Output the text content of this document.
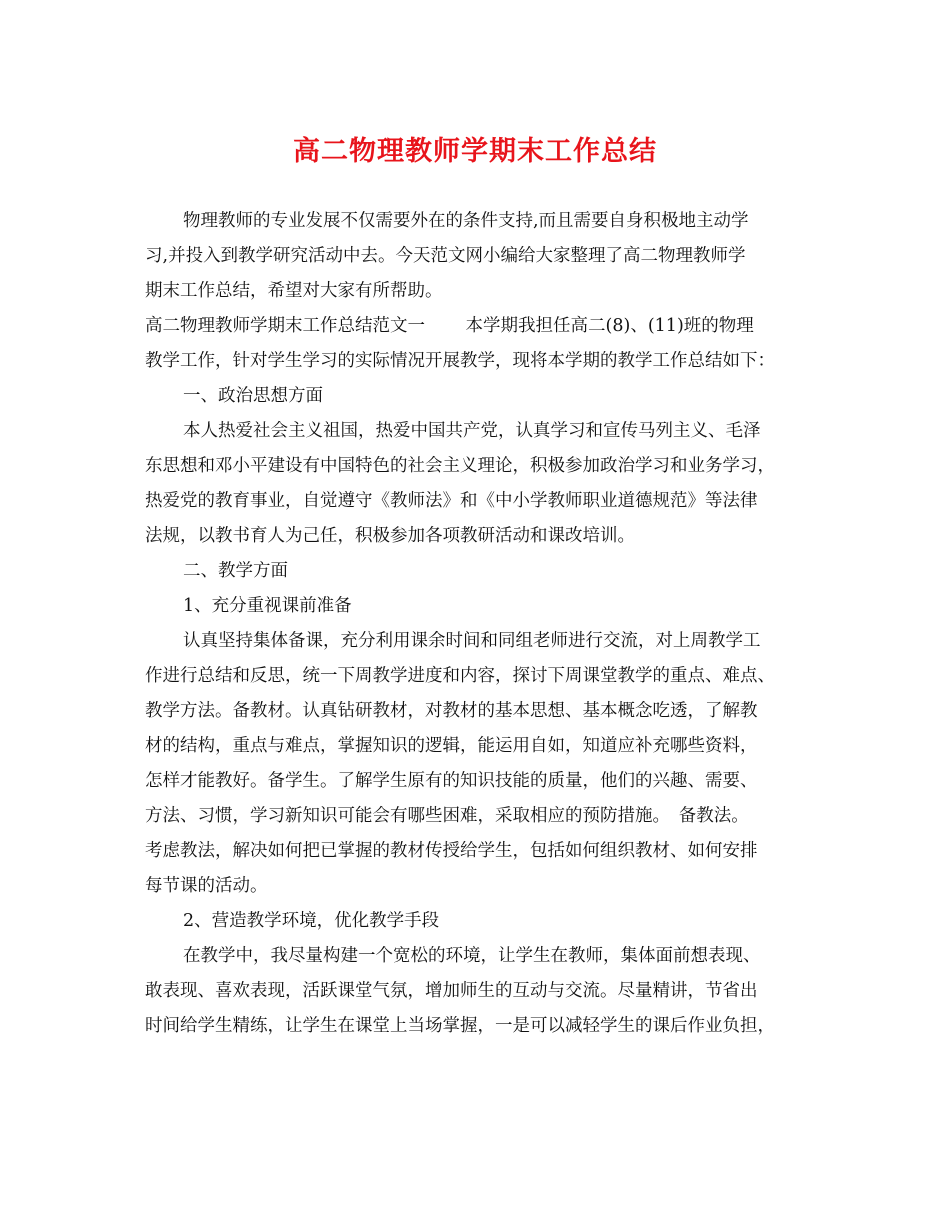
高二物理教师学期末工作总结
物理教师的专业发展不仅需要外在的条件支持,而且需要自身积极地主动学
习,并投入到教学研究活动中去。今天范文网小编给大家整理了高二物理教师学
期末工作总结，希望对大家有所帮助。
高二物理教师学期末工作总结范文一　　 本学期我担任高二(8)、(11)班的物理
教学工作，针对学生学习的实际情况开展教学，现将本学期的教学工作总结如下：
一、政治思想方面
本人热爱社会主义祖国，热爱中国共产党，认真学习和宣传马列主义、毛泽
东思想和邓小平建设有中国特色的社会主义理论，积极参加政治学习和业务学习，
热爱党的教育事业，自觉遵守《教师法》和《中小学教师职业道德规范》等法律
法规，以教书育人为己任，积极参加各项教研活动和课改培训。
二、教学方面
1、充分重视课前准备
认真坚持集体备课，充分利用课余时间和同组老师进行交流，对上周教学工
作进行总结和反思，统一下周教学进度和内容，探讨下周课堂教学的重点、难点、
教学方法。备教材。认真钻研教材，对教材的基本思想、基本概念吃透，了解教
材的结构，重点与难点，掌握知识的逻辑，能运用自如，知道应补充哪些资料，
怎样才能教好。备学生。了解学生原有的知识技能的质量，他们的兴趣、需要、
方法、习惯，学习新知识可能会有哪些困难，采取相应的预防措施。　备教法。
考虑教法，解决如何把已掌握的教材传授给学生，包括如何组织教材、如何安排
每节课的活动。
2、营造教学环境，优化教学手段
在教学中，我尽量构建一个宽松的环境，让学生在教师，集体面前想表现、
敢表现、喜欢表现，活跃课堂气氛，增加师生的互动与交流。尽量精讲，节省出
时间给学生精练，让学生在课堂上当场掌握，一是可以减轻学生的课后作业负担，
